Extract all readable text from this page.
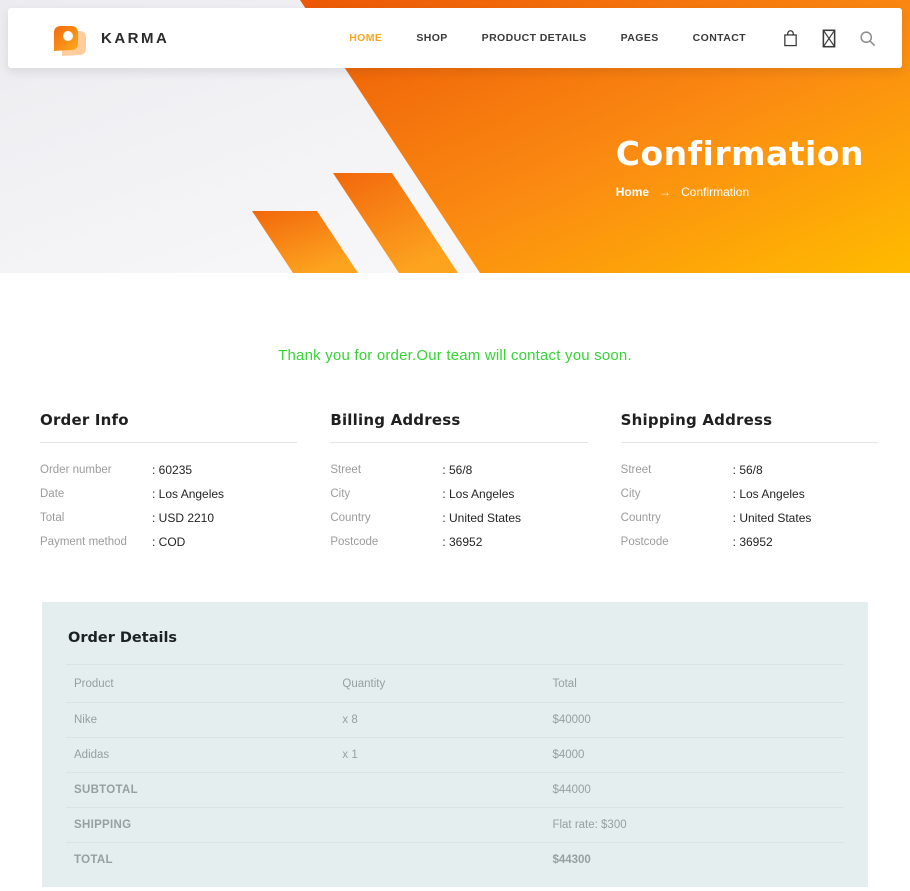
KARMA	HOME	SHOP	PRODUCT DETAILS	PAGES	CONTACT
Confirmation
Home → Confirmation
Thank you for order.Our team will contact you soon.
Order Info
Order number	: 60235
Date	: Los Angeles
Total	: USD 2210
Payment method	: COD
Billing Address
Street	: 56/8
City	: Los Angeles
Country	: United States
Postcode	: 36952
Shipping Address
Street	: 56/8
City	: Los Angeles
Country	: United States
Postcode	: 36952
Order Details
Product	Quantity	Total
Nike	x 8	$40000
Adidas	x 1	$4000
SUBTOTAL		$44000
SHIPPING		Flat rate: $300
TOTAL		$44300
